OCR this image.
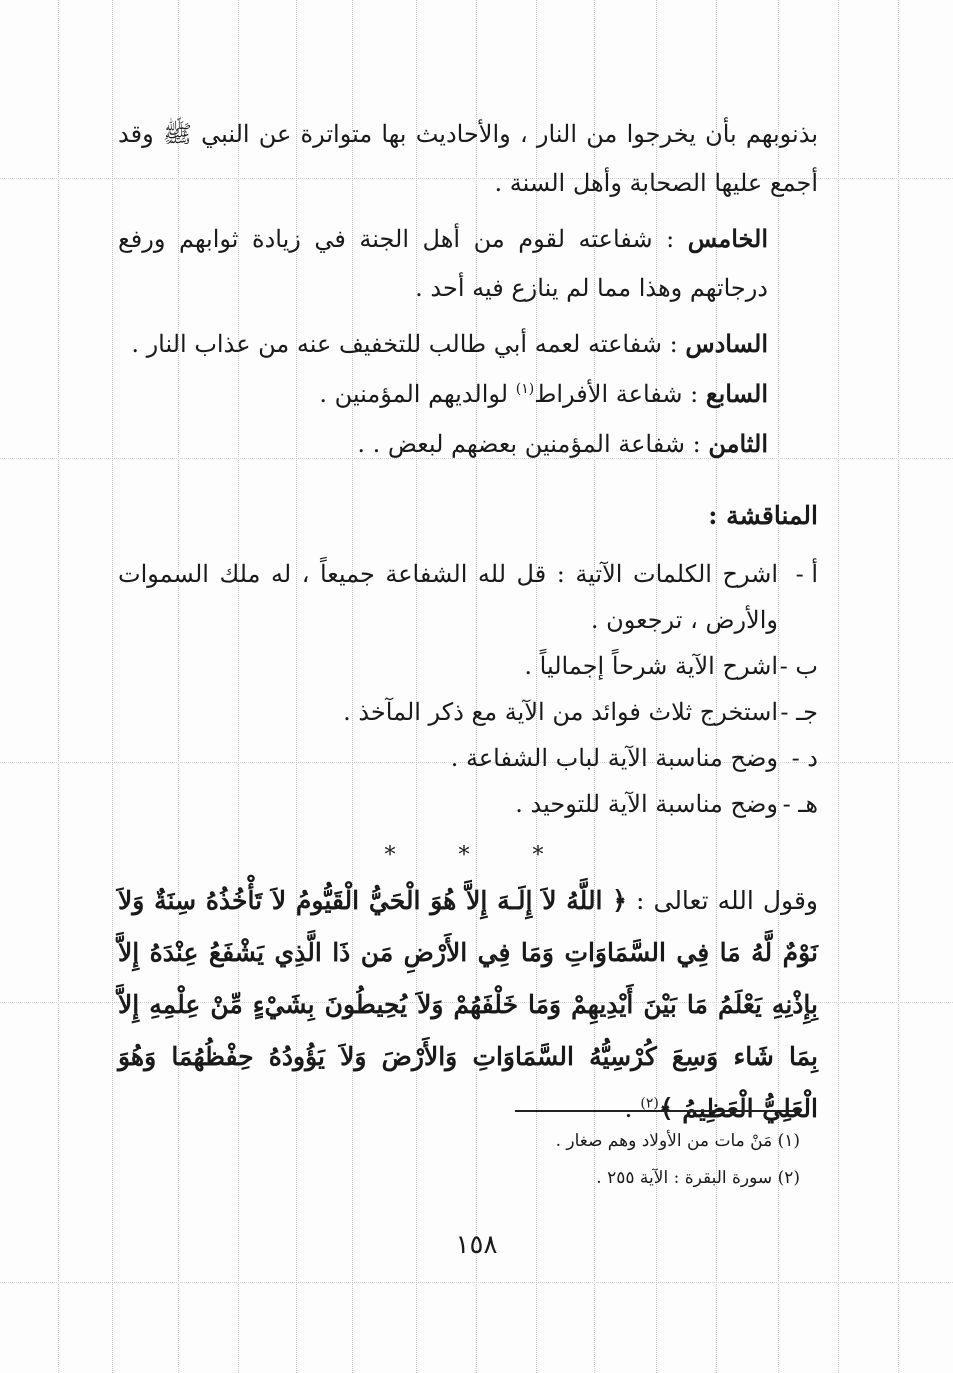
بذنوبهم بأن يخرجوا من النار ، والأحاديث بها متواترة عن النبي ﷺ وقد أجمع عليها الصحابة وأهل السنة .

الخامس : شفاعته لقوم من أهل الجنة في زيادة ثوابهم ورفع درجاتهم وهذا مما لم ينازع فيه أحد .

السادس : شفاعته لعمه أبي طالب للتخفيف عنه من عذاب النار .

السابع : شفاعة الأفراط$^{(١)}$ لوالديهم المؤمنين .

الثامن : شفاعة المؤمنين بعضهم لبعض . .

المناقشة :

أ -
اشرح الكلمات الآتية : قل لله الشفاعة جميعاً ، له ملك السموات والأرض ، ترجعون .
ب -
اشرح الآية شرحاً إجمالياً .
جـ -
استخرج ثلاث فوائد من الآية مع ذكر المآخذ .
د -
وضح مناسبة الآية لباب الشفاعة .
هـ -
وضح مناسبة الآية للتوحيد .
* * *

وقول الله تعالى : ﴿ اللَّهُ لاَ إِلَـهَ إِلاَّ هُوَ الْحَيُّ الْقَيُّومُ لاَ تَأْخُذُهُ سِنَةٌ وَلاَ نَوْمٌ لَّهُ مَا فِي السَّمَاوَاتِ وَمَا فِي الأَرْضِ مَن ذَا الَّذِي يَشْفَعُ عِنْدَهُ إِلاَّ بِإِذْنِهِ يَعْلَمُ مَا بَيْنَ أَيْدِيهِمْ وَمَا خَلْفَهُمْ وَلاَ يُحِيطُونَ بِشَيْءٍ مِّنْ عِلْمِهِ إِلاَّ بِمَا شَاء وَسِعَ كُرْسِيُّهُ السَّمَاوَاتِ وَالأَرْضَ وَلاَ يَؤُودُهُ حِفْظُهُمَا وَهُوَ الْعَلِيُّ الْعَظِيمُ ﴾$^{(٢)}$ .

(١) مَنْ مات من الأولاد وهم صغار .

(٢) سورة البقرة : الآية ٢٥٥ .

١٥٨
